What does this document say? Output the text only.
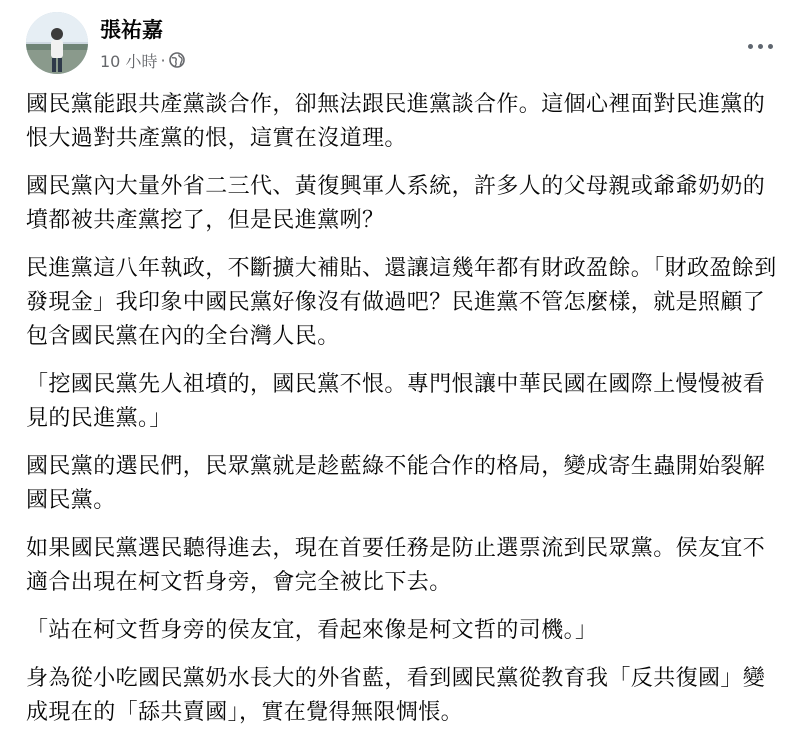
張祐嘉
10 小時 ·

國民黨能跟共產黨談合作，卻無法跟民進黨談合作。這個心裡面對民進黨的恨大過對共產黨的恨，這實在沒道理。

國民黨內大量外省二三代、黃復興軍人系統，許多人的父母親或爺爺奶奶的墳都被共產黨挖了，但是民進黨咧？

民進黨這八年執政，不斷擴大補貼、還讓這幾年都有財政盈餘。「財政盈餘到發現金」我印象中國民黨好像沒有做過吧？民進黨不管怎麼樣，就是照顧了包含國民黨在內的全台灣人民。

「挖國民黨先人祖墳的，國民黨不恨。專門恨讓中華民國在國際上慢慢被看見的民進黨。」

國民黨的選民們，民眾黨就是趁藍綠不能合作的格局，變成寄生蟲開始裂解國民黨。

如果國民黨選民聽得進去，現在首要任務是防止選票流到民眾黨。侯友宜不適合出現在柯文哲身旁，會完全被比下去。

「站在柯文哲身旁的侯友宜，看起來像是柯文哲的司機。」

身為從小吃國民黨奶水長大的外省藍，看到國民黨從教育我「反共復國」變成現在的「舔共賣國」，實在覺得無限惆悵。
